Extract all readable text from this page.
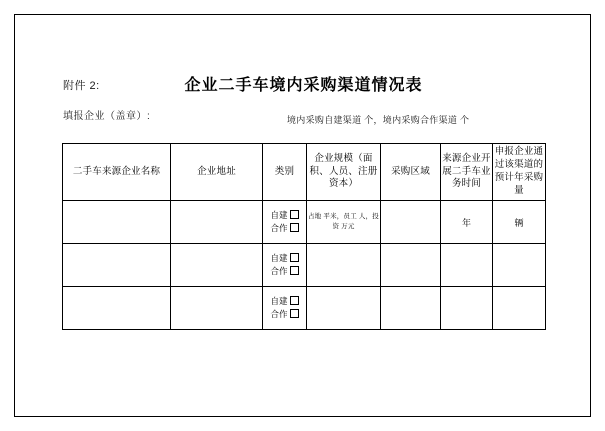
附件 2:	企业二手车境内采购渠道情况表
填报企业（盖章）:	境内采购自建渠道 个，境内采购合作渠道 个
二手车来源企业名称	企业地址	类别	企业规模（面积、人员、注册资本）	采购区域	来源企业开展二手车业务时间	申报企业通过该渠道的预计年采购量

		自建
合作	占地 平米，员工 人，投资 万元		年	辆

		自建
合作				

		自建
合作				
